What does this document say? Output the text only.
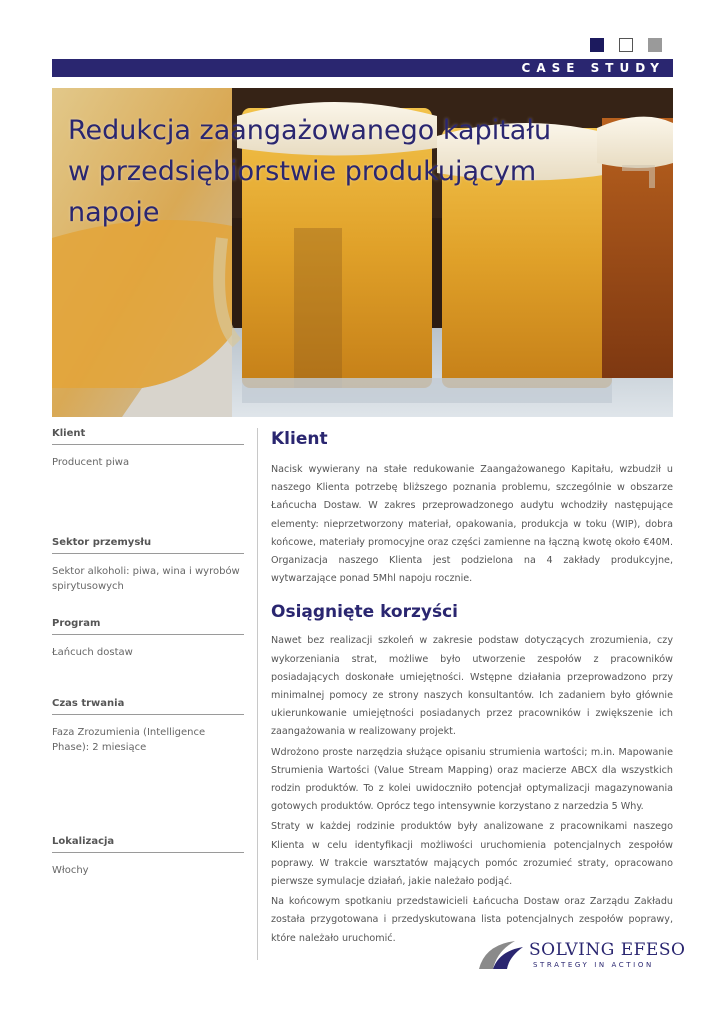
CASE STUDY
Redukcja zaangażowanego kapitału
w przedsiębiorstwie produkującym
napoje
Klient
Producent piwa
Sektor przemysłu
Sektor alkoholi: piwa, wina i wyrobów spirytusowych
Program
Łańcuch dostaw
Czas trwania
Faza Zrozumienia (Intelligence Phase): 2 miesiące
Lokalizacja
Włochy
Klient

Nacisk wywierany na stałe redukowanie Zaangażowanego Kapitału, wzbudził u naszego Klienta potrzebę bliższego poznania problemu, szczególnie w obszarze Łańcucha Dostaw. W zakres przeprowadzonego audytu wchodziły następujące elementy: nieprzetworzony materiał, opakowania, produkcja w toku (WIP), dobra końcowe, materiały promocyjne oraz części zamienne na łączną kwotę około €40M. Organizacja naszego Klienta jest podzielona na 4 zakłady produkcyjne, wytwarzające ponad 5Mhl napoju rocznie.

Osiągnięte korzyści

Nawet bez realizacji szkoleń w zakresie podstaw dotyczących zrozumienia, czy wykorzeniania strat, możliwe było utworzenie zespołów z pracowników posiadających doskonałe umiejętności. Wstępne działania przeprowadzono przy minimalnej pomocy ze strony naszych konsultantów. Ich zadaniem było głównie ukierunkowanie umiejętności posiadanych przez pracowników i zwiększenie ich zaangażowania w realizowany projekt.

Wdrożono proste narzędzia służące opisaniu strumienia wartości; m.in. Mapowanie Strumienia Wartości (Value Stream Mapping) oraz macierze ABCX dla wszystkich rodzin produktów. To z kolei uwidoczniło potencjał optymalizacji magazynowania gotowych produktów. Oprócz tego intensywnie korzystano z narzedzia 5 Why.

Straty w każdej rodzinie produktów były analizowane z pracownikami naszego Klienta w celu identyfikacji możliwości uruchomienia potencjalnych zespołów poprawy. W trakcie warsztatów mających pomóc zrozumieć straty, opracowano pierwsze symulacje działań, jakie należało podjąć.

Na końcowym spotkaniu przedstawicieli Łańcucha Dostaw oraz Zarządu Zakładu została przygotowana i przedyskutowana lista potencjalnych zespołów poprawy, które należało uruchomić.

SOLVING EFESO
STRATEGY IN ACTION
